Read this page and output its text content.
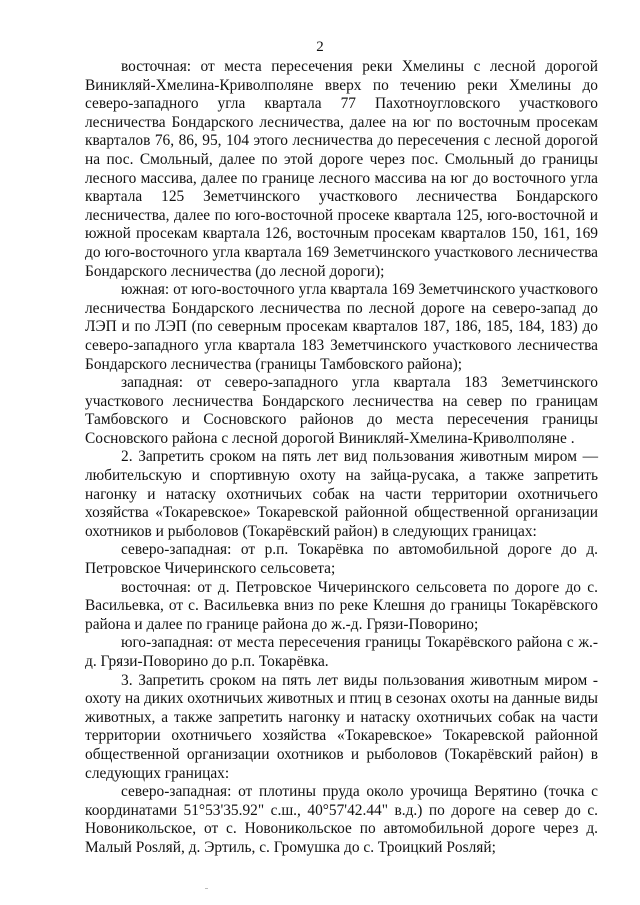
2

восточная: от места пересечения реки Хмелины с лесной дорогой Виникляй-Хмелина-Криволполяне вверх по течению реки Хмелины до северо-западного угла квартала 77 Пахотноугловского участкового лесничества Бондарского лесничества, далее на юг по восточным просекам кварталов 76, 86, 95, 104 этого лесничества до пересечения с лесной дорогой на пос. Смольный, далее по этой дороге через пос. Смольный до границы лесного массива, далее по границе лесного массива на юг до восточного угла квартала 125 Земетчинского участкового лесничества Бондарского лесничества, далее по юго-восточной просеке квартала 125, юго-восточной и южной просекам квартала 126, восточным просекам кварталов 150, 161, 169 до юго-восточного угла квартала 169 Земетчинского участкового лесничества Бондарского лесничества (до лесной дороги);

южная: от юго-восточного угла квартала 169 Земетчинского участкового лесничества Бондарского лесничества по лесной дороге на северо-запад до ЛЭП и по ЛЭП (по северным просекам кварталов 187, 186, 185, 184, 183) до северо-западного угла квартала 183 Земетчинского участкового лесничества Бондарского лесничества (границы Тамбовского района);

западная: от северо-западного угла квартала 183 Земетчинского участкового лесничества Бондарского лесничества на север по границам Тамбовского и Сосновского районов до места пересечения границы Сосновского района с лесной дорогой Виникляй-Хмелина-Криволполяне .

2. Запретить сроком на пять лет вид пользования животным миром — любительскую и спортивную охоту на зайца-русака, а также запретить нагонку и натаску охотничьих собак на части территории охотничьего хозяйства «Токаревское» Токаревской районной общественной организации охотников и рыболовов (Токарёвский район) в следующих границах:

северо-западная: от р.п. Токарёвка по автомобильной дороге до д. Петровское Чичеринского сельсовета;

восточная: от д. Петровское Чичеринского сельсовета по дороге до с. Васильевка, от с. Васильевка вниз по реке Клешня до границы Токарёвского района и далее по границе района до ж.-д. Грязи-Поворино;

юго-западная: от места пересечения границы Токарёвского района с ж.-д. Грязи-Поворино до р.п. Токарёвка.

3. Запретить сроком на пять лет виды пользования животным миром - охоту на диких охотничьих животных и птиц в сезонах охоты на данные виды животных, а также запретить нагонку и натаску охотничьих собак на части территории охотничьего хозяйства «Токаревское» Токаревской районной общественной организации охотников и рыболовов (Токарёвский район) в следующих границах:

северо-западная: от плотины пруда около урочища Верятино (точка с координатами 51°53'35.92" с.ш., 40°57'42.44" в.д.) по дороге на север до с. Новоникольское, от с. Новоникольское по автомобильной дороге через д. Малый Рosляй, д. Эртиль, с. Громушка до с. Троицкий Рosляй;
